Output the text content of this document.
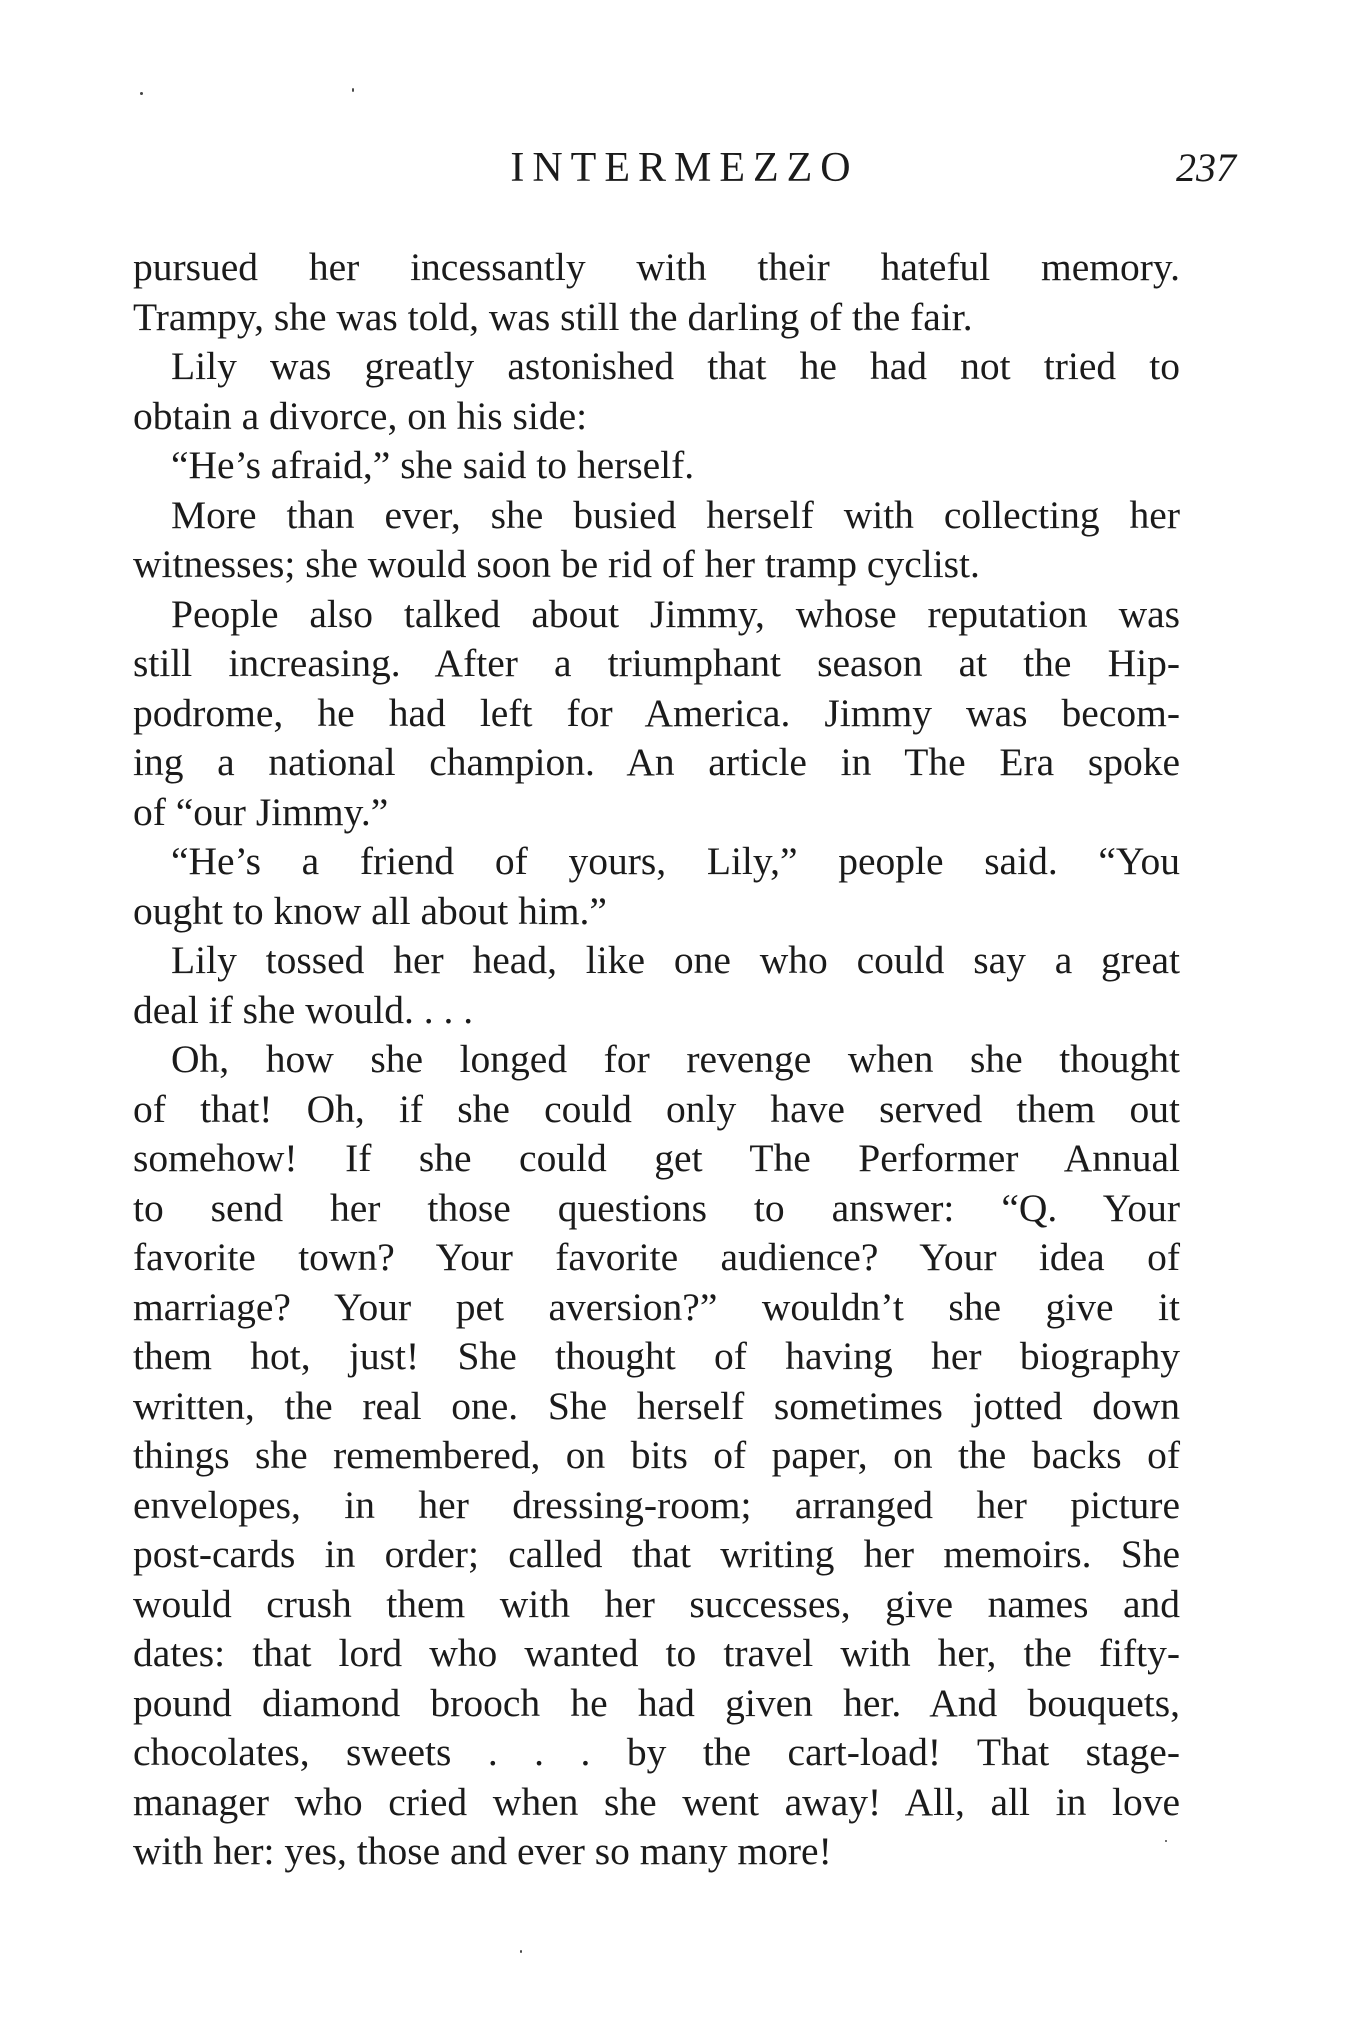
INTERMEZZO	237

pursued her incessantly with their hateful memory.
Trampy, she was told, was still the darling of the fair.

Lily was greatly astonished that he had not tried to
obtain a divorce, on his side:

“He’s afraid,” she said to herself.

More than ever, she busied herself with collecting her
witnesses; she would soon be rid of her tramp cyclist.

People also talked about Jimmy, whose reputation was
still increasing. After a triumphant season at the Hip-
podrome, he had left for America. Jimmy was becom-
ing a national champion. An article in The Era spoke
of “our Jimmy.”

“He’s a friend of yours, Lily,” people said. “You
ought to know all about him.”

Lily tossed her head, like one who could say a great
deal if she would. . . .

Oh, how she longed for revenge when she thought
of that! Oh, if she could only have served them out
somehow! If she could get The Performer Annual
to send her those questions to answer: “Q. Your
favorite town? Your favorite audience? Your idea of
marriage? Your pet aversion?” wouldn’t she give it
them hot, just! She thought of having her biography
written, the real one. She herself sometimes jotted down
things she remembered, on bits of paper, on the backs of
envelopes, in her dressing-room; arranged her picture
post-cards in order; called that writing her memoirs. She
would crush them with her successes, give names and
dates: that lord who wanted to travel with her, the fifty-
pound diamond brooch he had given her. And bouquets,
chocolates, sweets . . . by the cart-load! That stage-
manager who cried when she went away! All, all in love
with her: yes, those and ever so many more!
